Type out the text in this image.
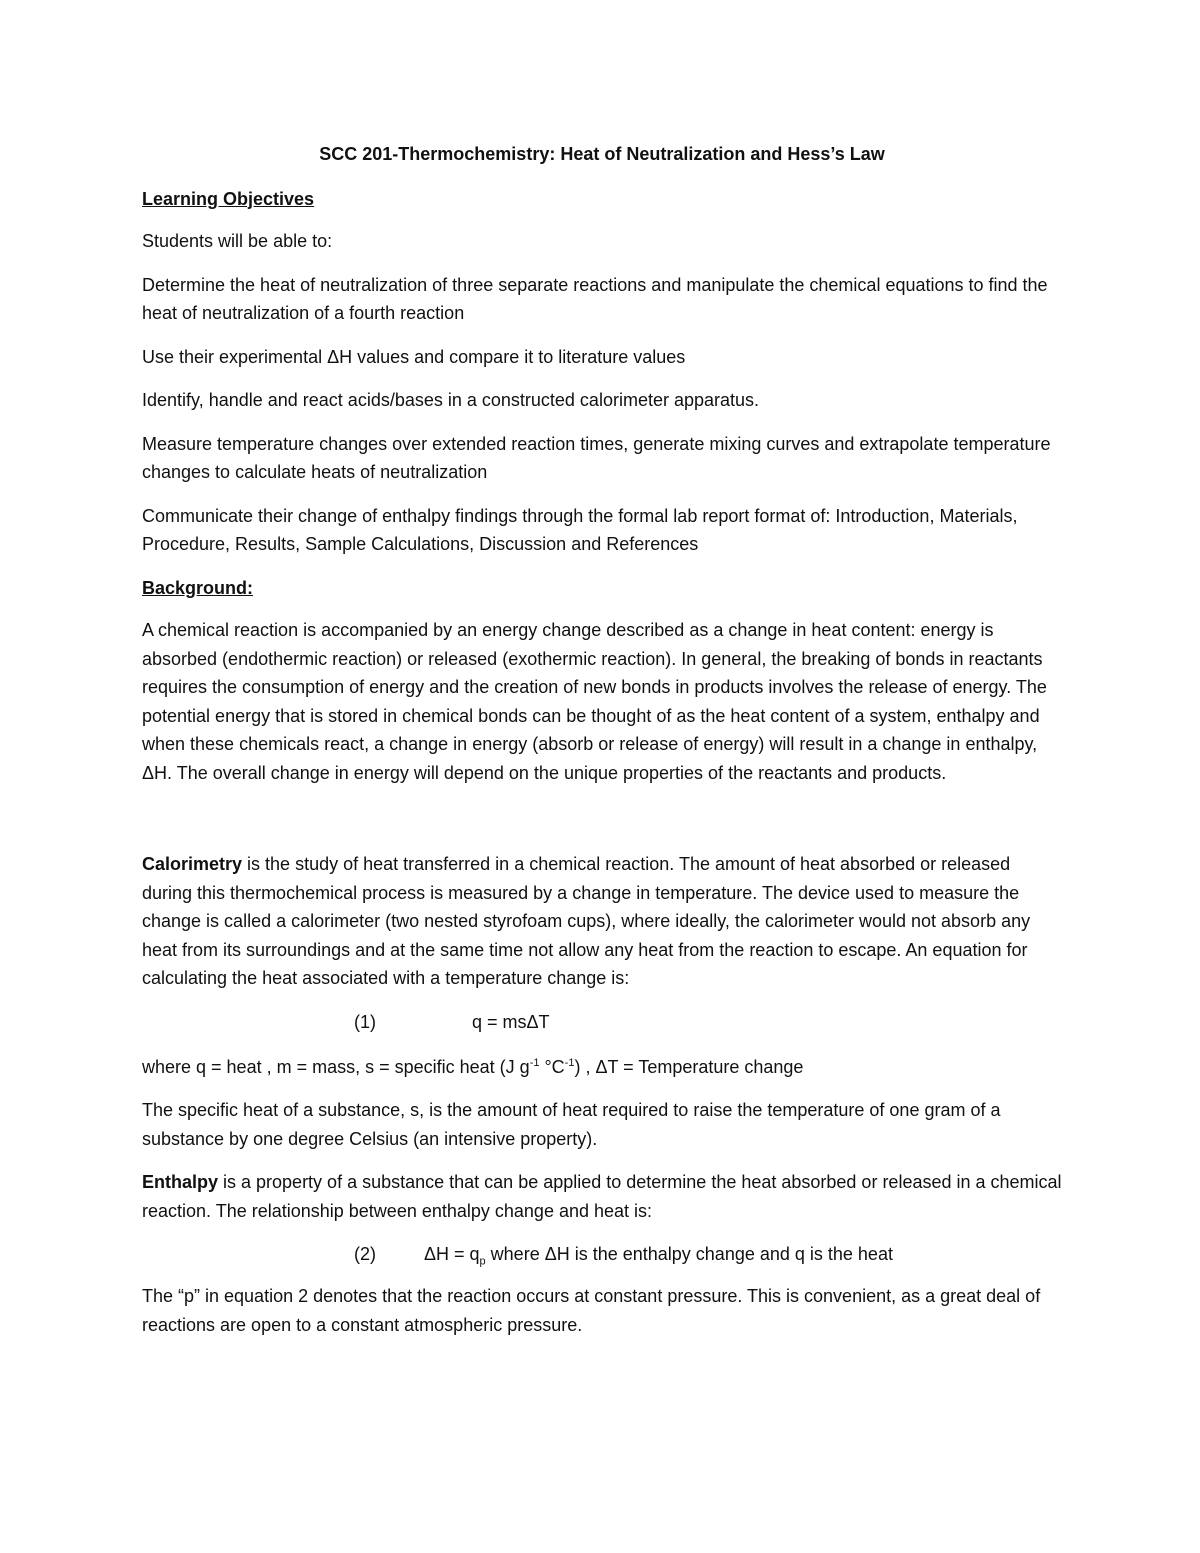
SCC 201-Thermochemistry: Heat of Neutralization and Hess’s Law

Learning Objectives

Students will be able to:

Determine the heat of neutralization of three separate reactions and manipulate the chemical equations to find the heat of neutralization of a fourth reaction

Use their experimental ΔH values and compare it to literature values

Identify, handle and react acids/bases in a constructed calorimeter apparatus.

Measure temperature changes over extended reaction times, generate mixing curves and extrapolate temperature changes to calculate heats of neutralization

Communicate their change of enthalpy findings through the formal lab report format of: Introduction, Materials, Procedure, Results, Sample Calculations, Discussion and References

Background:

A chemical reaction is accompanied by an energy change described as a change in heat content: energy is absorbed (endothermic reaction) or released (exothermic reaction). In general, the breaking of bonds in reactants requires the consumption of energy and the creation of new bonds in products involves the release of energy. The potential energy that is stored in chemical bonds can be thought of as the heat content of a system, enthalpy and when these chemicals react, a change in energy (absorb or release of energy) will result in a change in enthalpy, ΔH. The overall change in energy will depend on the unique properties of the reactants and products.

Calorimetry is the study of heat transferred in a chemical reaction. The amount of heat absorbed or released during this thermochemical process is measured by a change in temperature. The device used to measure the change is called a calorimeter (two nested styrofoam cups), where ideally, the calorimeter would not absorb any heat from its surroundings and at the same time not allow any heat from the reaction to escape. An equation for calculating the heat associated with a temperature change is:

(1)	q = msΔT

where q = heat , m = mass, s = specific heat (J $g^{-1}$ $^\circ C^{-1}$) , ΔT = Temperature change

The specific heat of a substance, s, is the amount of heat required to raise the temperature of one gram of a substance by one degree Celsius (an intensive property).

Enthalpy is a property of a substance that can be applied to determine the heat absorbed or released in a chemical reaction. The relationship between enthalpy change and heat is:

(2)	$\Delta H = q_p$ where ΔH is the enthalpy change and q is the heat

The “p” in equation 2 denotes that the reaction occurs at constant pressure. This is convenient, as a great deal of reactions are open to a constant atmospheric pressure.
